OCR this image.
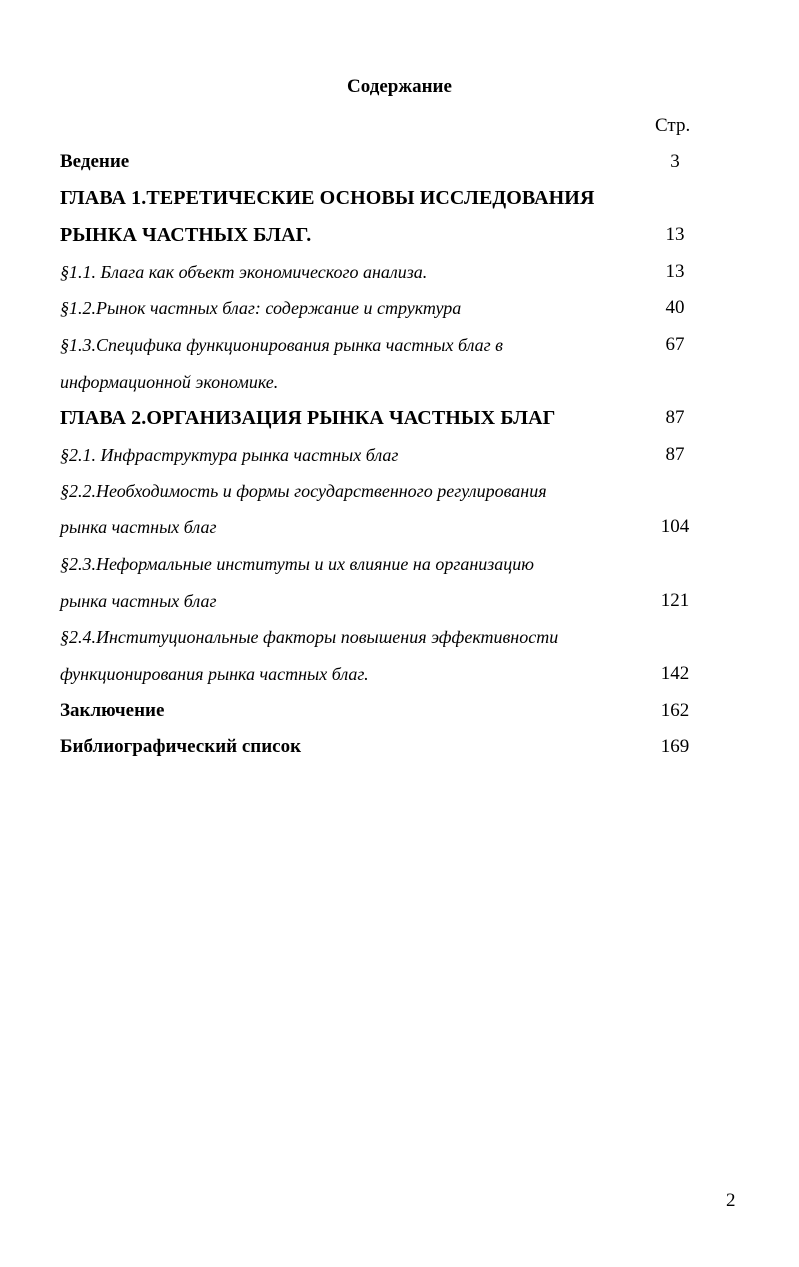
Содержание
Стр.
Ведение	3
ГЛАВА 1.ТЕРЕТИЧЕСКИЕ ОСНОВЫ ИССЛЕДОВАНИЯ
РЫНКА ЧАСТНЫХ БЛАГ.	13
§1.1. Блага как объект экономического анализа.	13
§1.2.Рынок частных благ: содержание и структура	40
§1.3.Специфика функционирования рынка частных благ в	67
информационной экономике.
ГЛАВА 2.ОРГАНИЗАЦИЯ РЫНКА ЧАСТНЫХ БЛАГ	87
§2.1. Инфраструктура рынка частных благ	87
§2.2.Необходимость и формы государственного регулирования
рынка частных благ	104
§2.3.Неформальные институты и их влияние на организацию
рынка частных благ	121
§2.4.Институциональные факторы повышения эффективности
функционирования рынка частных благ.	142
Заключение	162
Библиографический список	169
2
